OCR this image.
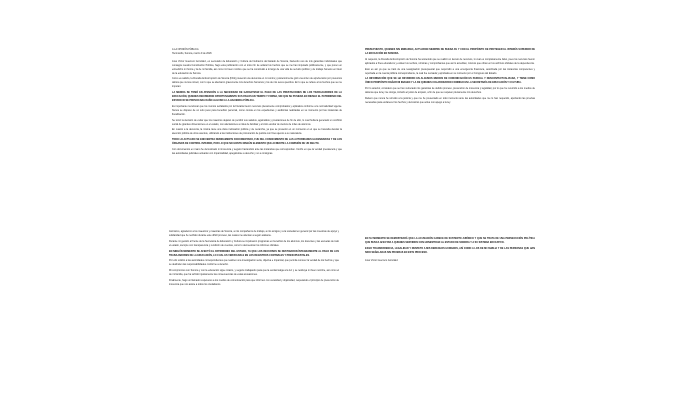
A LA OPINIÓN PÚBLICA
Hermosillo, Sonora, marzo 9 de 2026

José Víctor Guerrero González, ex secretario de Educación y Cultura del Gobierno del Estado de Sonora, haciendo uso de mis garantías individuales que consagra nuestra Constitución Política, hago esta publicación con el único fin de aclarar los hechos que se me han imputado públicamente, y que ponen en entredicho mi honra y la de mi familia, así como mi buen nombre que se ha construido a lo largo de una vida de servicio público y de trabajo honesto en favor de la educación de Sonora.

Como es sabido, la Fiscalía Anticorrupción de Sonora (FAS) presentó una denuncia en mi contra y posteriormente giró una orden de aprehensión por presuntos delitos que nunca cometí, con lo que se afectaron gravemente mis derechos humanos y los de mis seres queridos. En lo que se refiere a los hechos que se me imputan:

LA MEDIDA SE TOMÓ EN ATENCIÓN A LA NECESIDAD DE GARANTIZAR EL PAGO DE LAS PRESTACIONES DE LOS TRABAJADORES DE LA EDUCACIÓN, QUIENES RECIBIERON OPORTUNAMENTE SUS PAGOS EN TIEMPO Y FORMA, SIN QUE SE PUSIERA EN RIESGO EL PATRIMONIO DEL ESTADO NI SE PROVOCARA DAÑO ALGUNO A LA HACIENDA PÚBLICA.

Es importante mencionar que los montos señalados por la Fiscalía fueron recursos plenamente comprobados y aplicados conforme a la normatividad vigente. Nunca se dispuso de un solo peso para beneficio personal, como consta en los expedientes y auditorías realizadas en su momento por las instancias de fiscalización.

Se tomó la decisión de evitar que los maestros dejaran de percibir sus salarios, aguinaldos y prestaciones de fin de año, lo cual hubiera generado un conflicto social de grandes dimensiones en el estado, con afectaciones a miles de familias y al ciclo escolar de cientos de miles de alumnos.

En cuanto a la denuncia, la misma tiene una clara motivación política y de revancha, ya que se presentó en un momento en el que se buscaba desviar la atención pública de otros asuntos, utilizando a las instituciones de procuración de justicia con fines ajenos a su naturaleza.

TODO LO ACTUADO SE ENCUENTRA DEBIDAMENTE DOCUMENTADO, FUE DEL CONOCIMIENTO DE LAS AUTORIDADES HACENDARIAS Y DE LOS ÓRGANOS DE CONTROL INTERNO, POR LO QUE NO EXISTE NINGÚN ELEMENTO QUE ACREDITE LA COMISIÓN DE UN DELITO.

Con documentos en mano he demostrado mi inocencia y seguiré haciéndolo ante las instancias que correspondan. Confío en que la verdad prevalecerá y que las autoridades judiciales actuarán con imparcialidad, apegándose a derecho y no a consignas.

PRESUPUESTO, QUIENES SIN EMBARGO, ACTUARON SIEMPRE DE BUENA FE Y CON EL PROPÓSITO DE PROTEGER EL INTERÉS SUPERIOR DE LA EDUCACIÓN EN SONORA.

Al respecto, la Fiscalía Anticorrupción de Sonora ha sostenido que se realizó un desvío de recursos, lo cual es completamente falso, pues los recursos fueron aplicados a fines educativos y existen los recibos, nóminas y comprobantes que así lo acreditan, mismos que obran en los archivos oficiales de la dependencia.

Esto es así ya que se trató de una reasignación presupuestal que respondió a una emergencia financiera, autorizada por las instancias competentes y reportada en la cuenta pública correspondiente, la cual fue revisada y aprobada en su momento por el Congreso del Estado.

LA INFORMACIÓN QUE SE HA DIFUNDIDO EN ALGUNOS MEDIOS DE COMUNICACIÓN ES PARCIAL Y DESCONTEXTUALIZADA, Y TIENE COMO ÚNICO PROPÓSITO DAÑAR MI IMAGEN Y LA DE QUIENES COLABORARON CONMIGO EN LA SECRETARÍA DE EDUCACIÓN Y CULTURA.

Por lo anterior, considero que se han vulnerado mis garantías de debido proceso, presunción de inocencia y legalidad, por lo que he recurrido a los medios de defensa que la ley me otorga, incluido el juicio de amparo, a fin de que se respeten plenamente mis derechos.

Reitero que nunca he rehuido a la justicia y que me he presentado en todo momento ante las autoridades que me lo han requerido, aportando las pruebas necesarias para esclarecer los hechos y demostrar que actué con apego a la ley.

Asimismo, agradezco a los maestros y maestras de Sonora, a mis compañeros de trabajo, a mis amigos y a la sociedad en general por las muestras de apoyo y solidaridad que he recibido durante este difícil proceso, las cuales me alientan a seguir adelante.

Durante mi gestión al frente de la Secretaría de Educación y Cultura se impulsaron programas en beneficio de los alumnos, los docentes y las escuelas de todo el estado, siempre con transparencia y rendición de cuentas, como lo demuestran los informes oficiales.

EN NINGÚN MOMENTO SE AFECTÓ EL PATRIMONIO DEL ESTADO, YA QUE LOS RECURSOS SE DESTINARON ÍNTEGRAMENTE AL PAGO DE LOS TRABAJADORES DE LA EDUCACIÓN, LO CUAL ES VERIFICABLE EN LOS REGISTROS CONTABLES Y PRESUPUESTALES.

Por ello solicito a las autoridades correspondientes que realicen una investigación seria, objetiva e imparcial, que permita conocer la verdad de los hechos y que se deslinden las responsabilidades conforme a derecho.

Mi compromiso con Sonora y con la educación sigue intacto, y seguiré trabajando para que la verdad salga a la luz y se restituya mi buen nombre, así como el de mi familia, que ha sufrido injustamente las consecuencias de estas acusaciones.

Finalmente, hago un llamado respetuoso a los medios de comunicación para que informen con veracidad y objetividad, respetando el principio de presunción de inocencia que nos asiste a todos los ciudadanos.

EN SU MOMENTO SE DEMOSTRARÁ QUE LA ACUSACIÓN CARECE DE SUSTENTO JURÍDICO Y QUE SE TRATA DE UNA PERSECUCIÓN POLÍTICA QUE BUSCA AFECTAR A QUIENES SERVIMOS CON HONESTIDAD AL ESTADO DE SONORA Y A SU SISTEMA EDUCATIVO.

EXIJO TRANSPARENCIA, LEGALIDAD Y RESPETO A MIS DERECHOS HUMANOS, ASÍ COMO A LOS DE MI FAMILIA Y DE LAS PERSONAS QUE HAN SIDO SEÑALADAS SIN PRUEBAS EN ESTE PROCESO.

José Víctor Guerrero González
